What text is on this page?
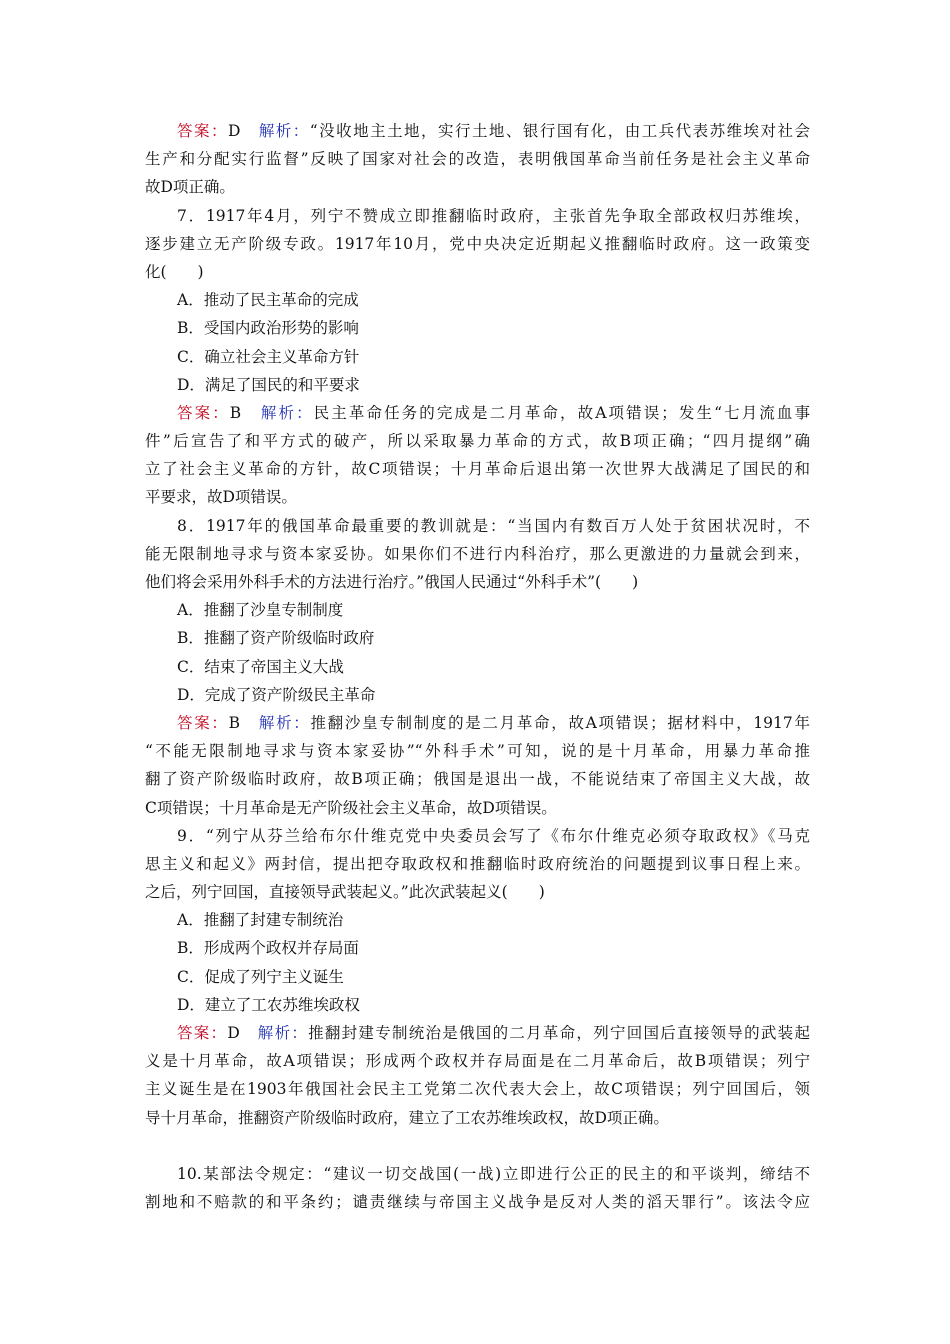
答案：D　 解析：“没收地主土地，实行土地、银行国有化，由工兵代表苏维埃对社会
生产和分配实行监督”反映了国家对社会的改造，表明俄国革命当前任务是社会主义革命
故D项正确。
7．1917年4月，列宁不赞成立即推翻临时政府，主张首先争取全部政权归苏维埃，
逐步建立无产阶级专政。1917年10月，党中央决定近期起义推翻临时政府。这一政策变
化(　　)
A．推动了民主革命的完成
B．受国内政治形势的影响
C．确立社会主义革命方针
D．满足了国民的和平要求
答案：B　 解析：民主革命任务的完成是二月革命，故A项错误；发生“七月流血事
件”后宣告了和平方式的破产，所以采取暴力革命的方式，故B项正确；“四月提纲”确
立了社会主义革命的方针，故C项错误；十月革命后退出第一次世界大战满足了国民的和
平要求，故D项错误。
8．1917年的俄国革命最重要的教训就是：“当国内有数百万人处于贫困状况时，不
能无限制地寻求与资本家妥协。如果你们不进行内科治疗，那么更激进的力量就会到来，
他们将会采用外科手术的方法进行治疗。”俄国人民通过“外科手术”(　　)
A．推翻了沙皇专制制度
B．推翻了资产阶级临时政府
C．结束了帝国主义大战
D．完成了资产阶级民主革命
答案：B　 解析：推翻沙皇专制制度的是二月革命，故A项错误；据材料中，1917年
“不能无限制地寻求与资本家妥协”“外科手术”可知，说的是十月革命，用暴力革命推
翻了资产阶级临时政府，故B项正确；俄国是退出一战，不能说结束了帝国主义大战，故
C项错误；十月革命是无产阶级社会主义革命，故D项错误。
9．“列宁从芬兰给布尔什维克党中央委员会写了《布尔什维克必须夺取政权》《马克
思主义和起义》两封信，提出把夺取政权和推翻临时政府统治的问题提到议事日程上来。
之后，列宁回国，直接领导武装起义。”此次武装起义(　　)
A．推翻了封建专制统治
B．形成两个政权并存局面
C．促成了列宁主义诞生
D．建立了工农苏维埃政权
答案：D　 解析：推翻封建专制统治是俄国的二月革命，列宁回国后直接领导的武装起
义是十月革命，故A项错误；形成两个政权并存局面是在二月革命后，故B项错误；列宁
主义诞生是在1903年俄国社会民主工党第二次代表大会上，故C项错误；列宁回国后，领
导十月革命，推翻资产阶级临时政府，建立了工农苏维埃政权，故D项正确。
10.某部法令规定：“建议一切交战国(一战)立即进行公正的民主的和平谈判，缔结不
割地和不赔款的和平条约；谴责继续与帝国主义战争是反对人类的滔天罪行”。该法令应
